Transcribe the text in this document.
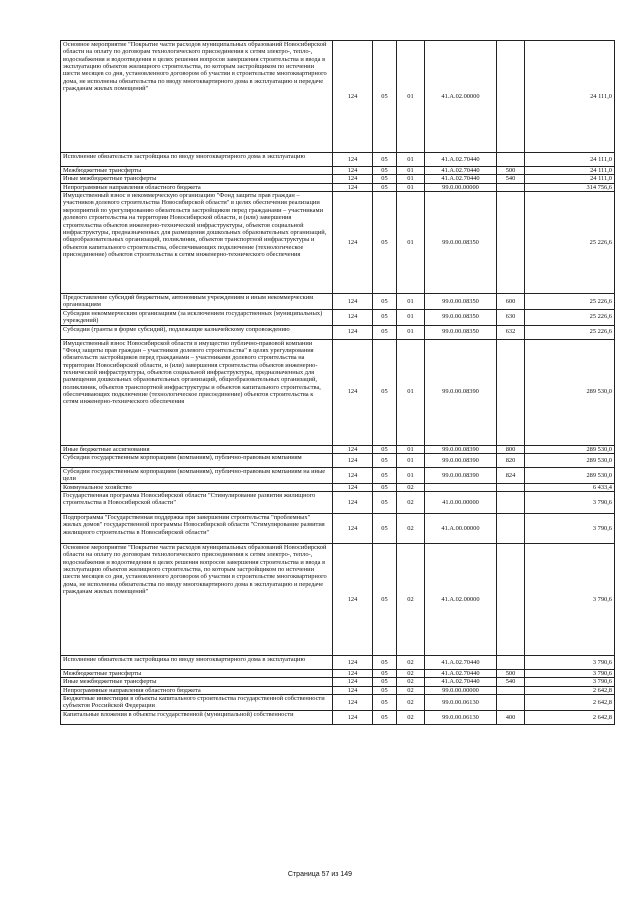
Основное мероприятие "Покрытие части расходов муниципальных образований Новосибирской области на оплату по договорам технологического присоединения к сетям электро-, тепло-, водоснабжения и водоотведения в целях решения вопросов завершения строительства и ввода в эксплуатацию объектов жилищного строительства, по которым застройщиком по истечении шести месяцев со дня, установленного договором об участии в строительстве многоквартирного дома, не исполнены обязательства по вводу многоквартирного дома в эксплуатацию и передаче гражданам жилых помещений"	124	05	01	41.А.02.00000		24 111,0
Исполнение обязательств застройщика по вводу многоквартирного дома в эксплуатацию	124	05	01	41.А.02.70440		24 111,0
Межбюджетные трансферты	124	05	01	41.А.02.70440	500	24 111,0
Иные межбюджетные трансферты	124	05	01	41.А.02.70440	540	24 111,0
Непрограммные направления областного бюджета	124	05	01	99.0.00.00000		314 756,6
Имущественный взнос в некоммерческую организацию "Фонд защиты прав граждан – участников долевого строительства Новосибирской области" в целях обеспечения реализации мероприятий по урегулированию обязательств застройщиков перед гражданами – участниками долевого строительства на территории Новосибирской области, и (или) завершения строительства объектов инженерно-технической инфраструктуры, объектов социальной инфраструктуры, предназначенных для размещения дошкольных образовательных организаций, общеобразовательных организаций, поликлиник, объектов транспортной инфраструктуры и объектов капитального строительства, обеспечивающих подключение (технологическое присоединение) объектов строительства к сетям инженерно-технического обеспечения	124	05	01	99.0.00.08350		25 226,6
Предоставление субсидий бюджетным, автономным учреждениям и иным некоммерческим организациям	124	05	01	99.0.00.08350	600	25 226,6
Субсидии некоммерческим организациям (за исключением государственных (муниципальных) учреждений)	124	05	01	99.0.00.08350	630	25 226,6
Субсидии (гранты в форме субсидий), подлежащие казначейскому сопровождению	124	05	01	99.0.00.08350	632	25 226,6
Имущественный взнос Новосибирской области в имущество публично-правовой компании "Фонд защиты прав граждан – участников долевого строительства" в целях урегулирования обязательств застройщиков перед гражданами – участниками долевого строительства на территории Новосибирской области, и (или) завершения строительства объектов инженерно-технической инфраструктуры, объектов социальной инфраструктуры, предназначенных для размещения дошкольных образовательных организаций, общеобразовательных организаций, поликлиник, объектов транспортной инфраструктуры и объектов капитального строительства, обеспечивающих подключение (технологическое присоединение) объектов строительства к сетям инженерно-технического обеспечения	124	05	01	99.0.00.08390		289 530,0
Иные бюджетные ассигнования	124	05	01	99.0.00.08390	800	289 530,0
Субсидии государственным корпорациям (компаниям), публично-правовым компаниям	124	05	01	99.0.00.08390	820	289 530,0
Субсидии государственным корпорациям (компаниям), публично-правовым компаниям на иные цели	124	05	01	99.0.00.08390	824	289 530,0
Коммунальное хозяйство	124	05	02			6 433,4
Государственная программа Новосибирской области "Стимулирование развития жилищного строительства в Новосибирской области"	124	05	02	41.0.00.00000		3 790,6
Подпрограмма "Государственная поддержка при завершении строительства "проблемных" жилых домов" государственной программы Новосибирской области "Стимулирование развития жилищного строительства в Новосибирской области"	124	05	02	41.А.00.00000		3 790,6
Основное мероприятие "Покрытие части расходов муниципальных образований Новосибирской области на оплату по договорам технологического присоединения к сетям электро-, тепло-, водоснабжения и водоотведения в целях решения вопросов завершения строительства и ввода в эксплуатацию объектов жилищного строительства, по которым застройщиком по истечении шести месяцев со дня, установленного договором об участии в строительстве многоквартирного дома, не исполнены обязательства по вводу многоквартирного дома в эксплуатацию и передаче гражданам жилых помещений"	124	05	02	41.А.02.00000		3 790,6
Исполнение обязательств застройщика по вводу многоквартирного дома в эксплуатацию	124	05	02	41.А.02.70440		3 790,6
Межбюджетные трансферты	124	05	02	41.А.02.70440	500	3 790,6
Иные межбюджетные трансферты	124	05	02	41.А.02.70440	540	3 790,6
Непрограммные направления областного бюджета	124	05	02	99.0.00.00000		2 642,8
Бюджетные инвестиции в объекты капитального строительства государственной собственности субъектов Российской Федерации	124	05	02	99.0.00.06130		2 642,8
Капитальные вложения в объекты государственной (муниципальной) собственности	124	05	02	99.0.00.06130	400	2 642,8
Страница 57 из 149
